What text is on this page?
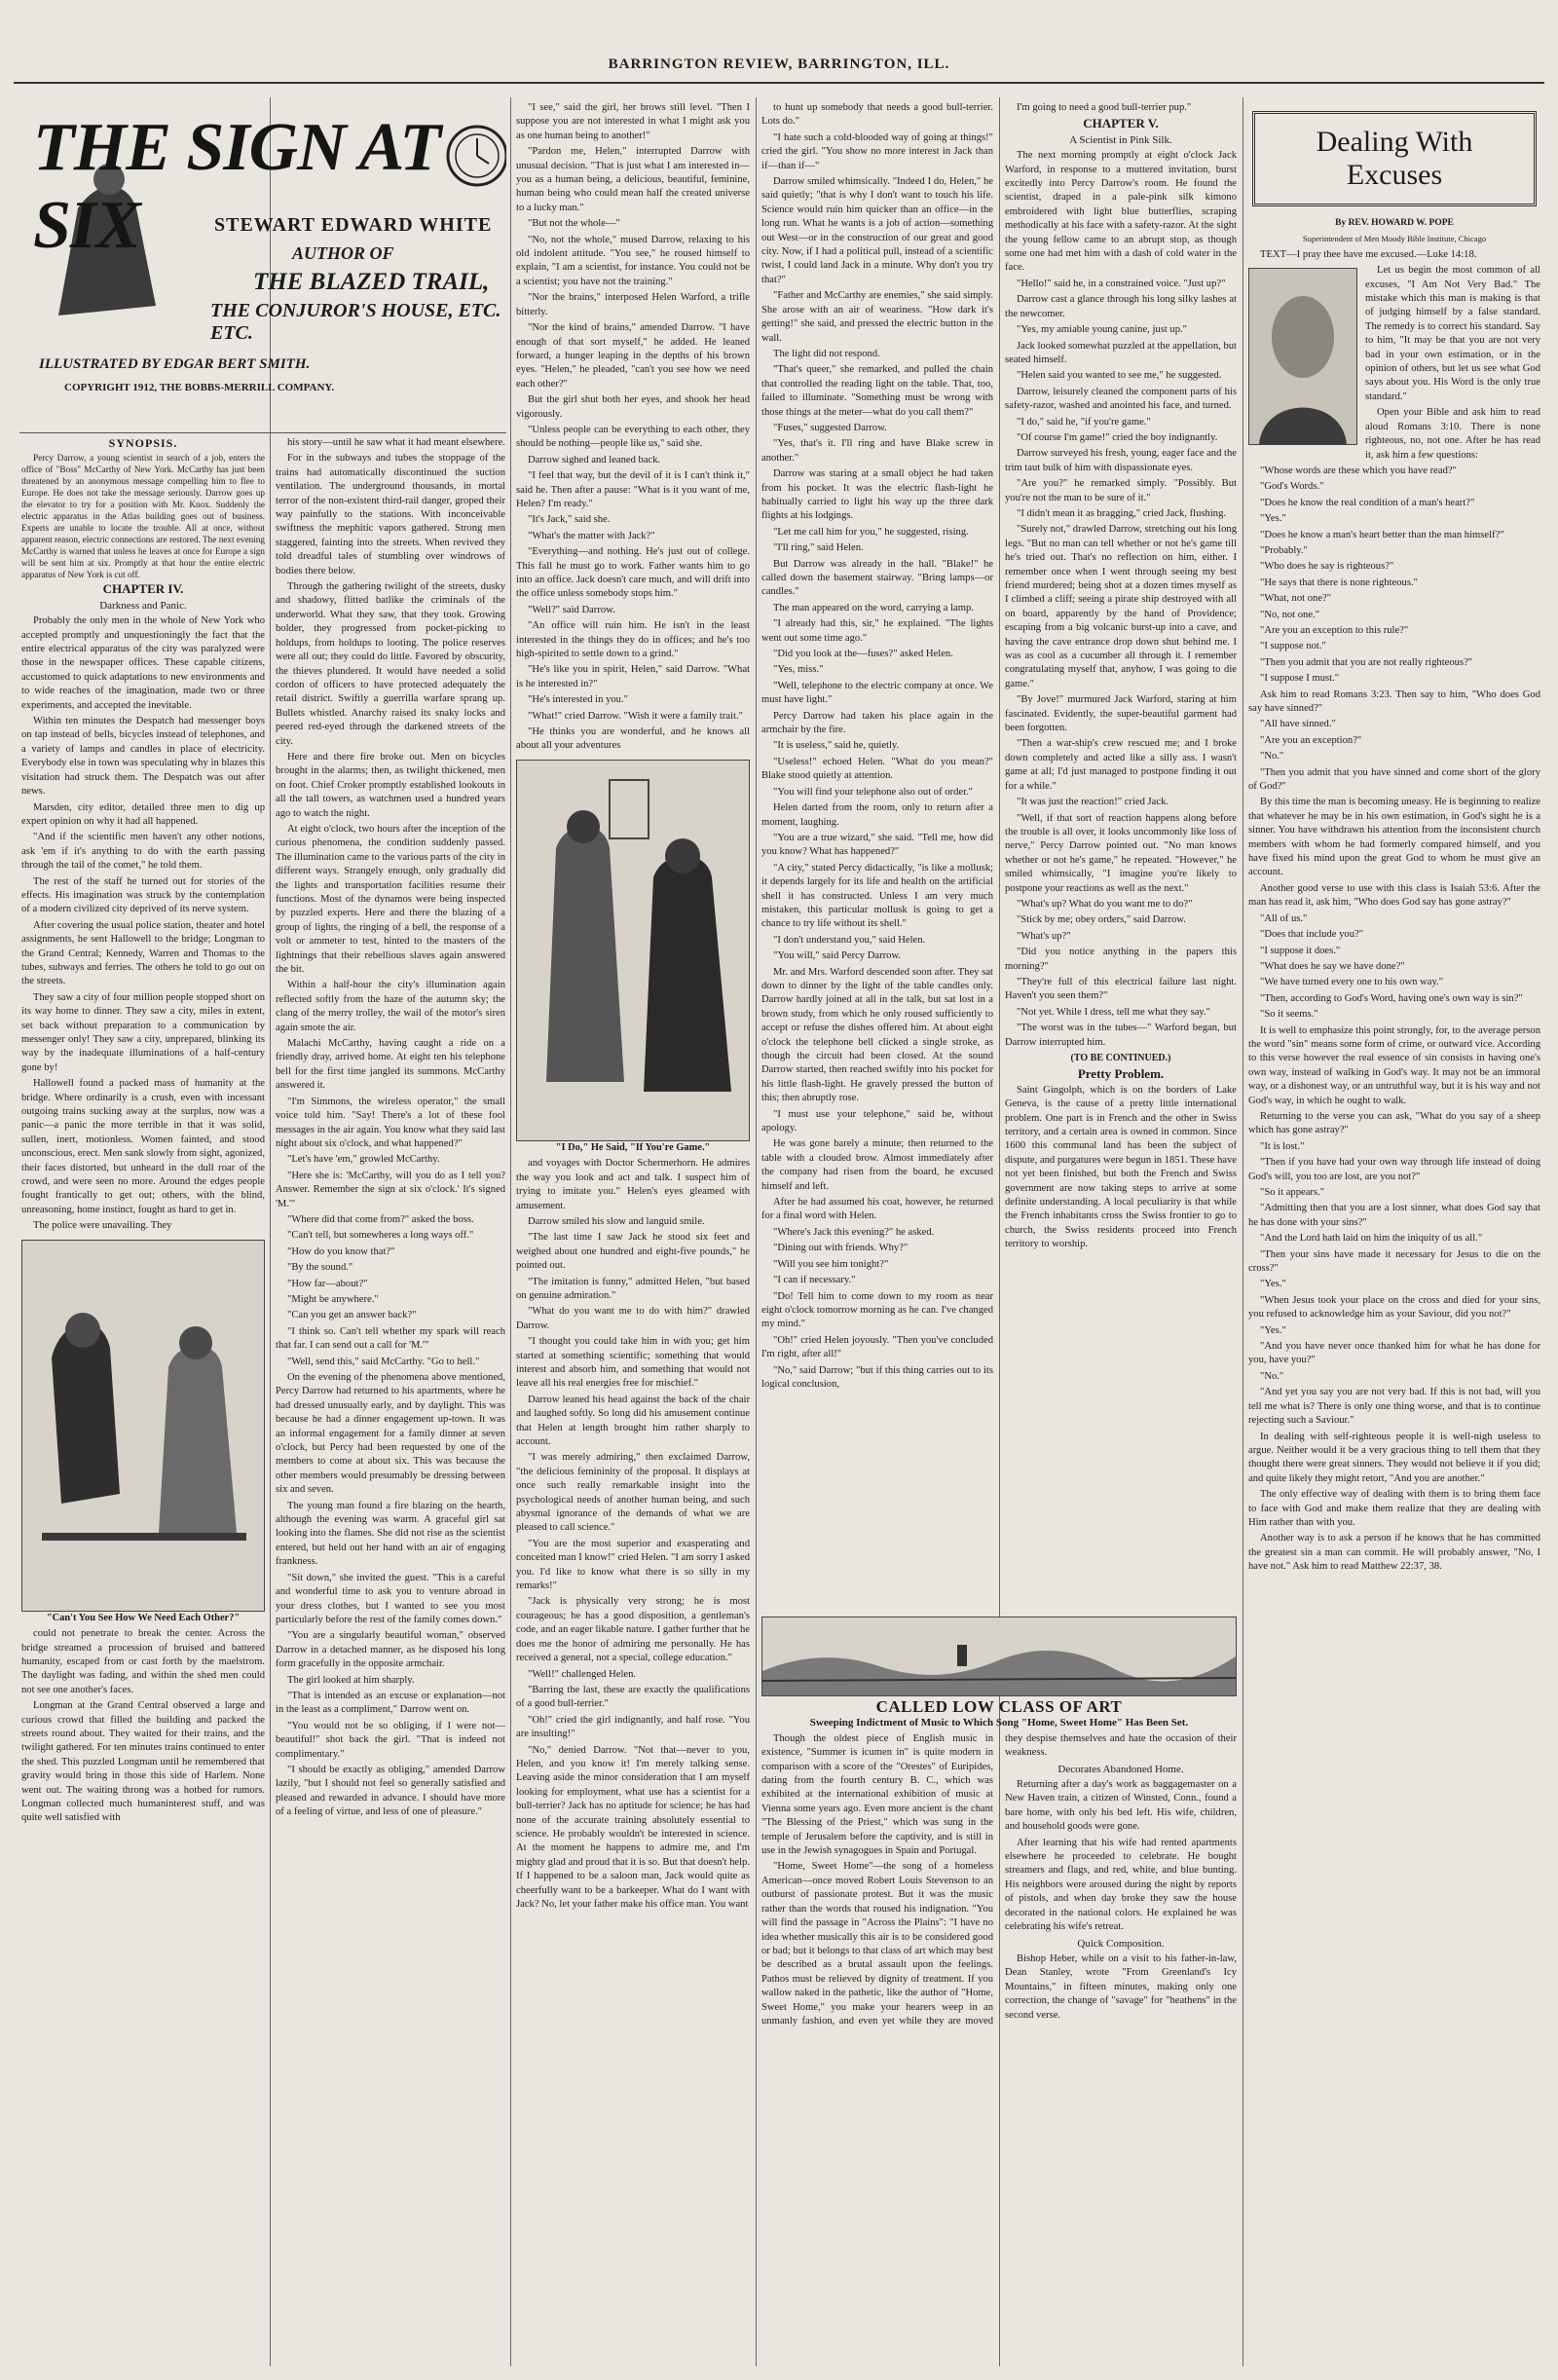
BARRINGTON REVIEW, BARRINGTON, ILL.
THE SIGN AT SIX	STEWART EDWARD WHITE
AUTHOR OF
THE BLAZED TRAIL,
THE CONJUROR'S HOUSE, ETC. ETC.
ILLUSTRATED BY EDGAR BERT SMITH.
COPYRIGHT 1912, THE BOBBS-MERRILL COMPANY.

SYNOPSIS.

Percy Darrow, a young scientist in search of a job, enters the office of "Boss" McCarthy of New York. McCarthy has just been threatened by an anonymous message compelling him to flee to Europe. He does not take the message seriously. Darrow goes up the elevator to try for a position with Mr. Knox. Suddenly the electric apparatus in the Atlas building goes out of business. Experts are unable to locate the trouble. All at once, without apparent reason, electric connections are restored. The next evening McCarthy is warned that unless he leaves at once for Europe a sign will be sent him at six. Promptly at that hour the entire electric apparatus of New York is cut off.

CHAPTER IV.

Darkness and Panic.

Probably the only men in the whole of New York who accepted promptly and unquestioningly the fact that the entire electrical apparatus of the city was paralyzed were those in the newspaper offices. These capable citizens, accustomed to quick adaptations to new environments and to wide reaches of the imagination, made two or three experiments, and accepted the inevitable.

Within ten minutes the Despatch had messenger boys on tap instead of bells, bicycles instead of telephones, and a variety of lamps and candles in place of electricity. Everybody else in town was speculating why in blazes this visitation had struck them. The Despatch was out after news.

Marsden, city editor, detailed three men to dig up expert opinion on why it had all happened.

"And if the scientific men haven't any other notions, ask 'em if it's anything to do with the earth passing through the tail of the comet," he told them.

The rest of the staff he turned out for stories of the effects. His imagination was struck by the contemplation of a modern civilized city deprived of its nerve system.

After covering the usual police station, theater and hotel assignments, he sent Hallowell to the bridge; Longman to the Grand Central; Kennedy, Warren and Thomas to the tubes, subways and ferries. The others he told to go out on the streets.

They saw a city of four million people stopped short on its way home to dinner. They saw a city, miles in extent, set back without preparation to a communication by messenger only! They saw a city, unprepared, blinking its way by the inadequate illuminations of a half-century gone by!

Hallowell found a packed mass of humanity at the bridge. Where ordinarily is a crush, even with incessant outgoing trains sucking away at the surplus, now was a panic—a panic the more terrible in that it was solid, sullen, inert, motionless. Women fainted, and stood unconscious, erect. Men sank slowly from sight, agonized, their faces distorted, but unheard in the dull roar of the crowd, and were seen no more. Around the edges people fought frantically to get out; others, with the blind, unreasoning, home instinct, fought as hard to get in.

The police were unavailing. They

"Can't You See How We Need Each Other?"

could not penetrate to break the center. Across the bridge streamed a procession of bruised and battered humanity, escaped from or cast forth by the maelstrom. The daylight was fading, and within the shed men could not see one another's faces.

Longman at the Grand Central observed a large and curious crowd that filled the building and packed the streets round about. They waited for their trains, and the twilight gathered. For ten minutes trains continued to enter the shed. This puzzled Longman until he remembered that gravity would bring in those this side of Harlem. None went out. The waiting throng was a hotbed for rumors. Longman collected much humaninterest stuff, and was quite well satisfied with

his story—until he saw what it had meant elsewhere.

For in the subways and tubes the stoppage of the trains had automatically discontinued the suction ventilation. The underground thousands, in mortal terror of the non-existent third-rail danger, groped their way painfully to the stations. With inconceivable swiftness the mephitic vapors gathered. Strong men staggered, fainting into the streets. When revived they told dreadful tales of stumbling over windrows of bodies there below.

Through the gathering twilight of the streets, dusky and shadowy, flitted batlike the criminals of the underworld. What they saw, that they took. Growing bolder, they progressed from pocket-picking to holdups, from holdups to looting. The police reserves were all out; they could do little. Favored by obscurity, the thieves plundered. It would have needed a solid cordon of officers to have protected adequately the retail district. Swiftly a guerrilla warfare sprang up. Bullets whistled. Anarchy raised its snaky locks and peered red-eyed through the darkened streets of the city.

Here and there fire broke out. Men on bicycles brought in the alarms; then, as twilight thickened, men on foot. Chief Croker promptly established lookouts in all the tall towers, as watchmen used a hundred years ago to watch the night.

At eight o'clock, two hours after the inception of the curious phenomena, the condition suddenly passed. The illumination came to the various parts of the city in different ways. Strangely enough, only gradually did the lights and transportation facilities resume their functions. Most of the dynamos were being inspected by puzzled experts. Here and there the blazing of a group of lights, the ringing of a bell, the response of a volt or ammeter to test, hinted to the masters of the lightnings that their rebellious slaves again answered the bit.

Within a half-hour the city's illumination again reflected softly from the haze of the autumn sky; the clang of the merry trolley, the wail of the motor's siren again smote the air.

Malachi McCarthy, having caught a ride on a friendly dray, arrived home. At eight ten his telephone bell for the first time jangled its summons. McCarthy answered it.

"I'm Simmons, the wireless operator," the small voice told him. "Say! There's a lot of these fool messages in the air again. You know what they said last night about six o'clock, and what happened?"

"Let's have 'em," growled McCarthy.

"Here she is: 'McCarthy, will you do as I tell you? Answer. Remember the sign at six o'clock.' It's signed 'M.'"

"Where did that come from?" asked the boss.

"Can't tell, but somewheres a long ways off."

"How do you know that?"

"By the sound."

"How far—about?"

"Might be anywhere."

"Can you get an answer back?"

"I think so. Can't tell whether my spark will reach that far. I can send out a call for 'M.'"

"Well, send this," said McCarthy. "Go to hell."

On the evening of the phenomena above mentioned, Percy Darrow had returned to his apartments, where he had dressed unusually early, and by daylight. This was because he had a dinner engagement up-town. It was an informal engagement for a family dinner at seven o'clock, but Percy had been requested by one of the members to come at about six. This was because the other members would presumably be dressing between six and seven.

The young man found a fire blazing on the hearth, although the evening was warm. A graceful girl sat looking into the flames. She did not rise as the scientist entered, but held out her hand with an air of engaging frankness.

"Sit down," she invited the guest. "This is a careful and wonderful time to ask you to venture abroad in your dress clothes, but I wanted to see you most particularly before the rest of the family comes down."

"You are a singularly beautiful woman," observed Darrow in a detached manner, as he disposed his long form gracefully in the opposite armchair.

The girl looked at him sharply.

"That is intended as an excuse or explanation—not in the least as a compliment," Darrow went on.

"You would not be so obliging, if I were not—beautiful!" shot back the girl. "That is indeed not complimentary."

"I should be exactly as obliging," amended Darrow lazily, "but I should not feel so generally satisfied and pleased and rewarded in advance. I should have more of a feeling of virtue, and less of one of pleasure."

"I see," said the girl, her brows still level. "Then I suppose you are not interested in what I might ask you as one human being to another!"

"Pardon me, Helen," interrupted Darrow with unusual decision. "That is just what I am interested in—you as a human being, a delicious, beautiful, feminine, human being who could mean half the created universe to a lucky man."

"But not the whole—"

"No, not the whole," mused Darrow, relaxing to his old indolent attitude. "You see," he roused himself to explain, "I am a scientist, for instance. You could not be a scientist; you have not the training."

"Nor the brains," interposed Helen Warford, a trifle bitterly.

"Nor the kind of brains," amended Darrow. "I have enough of that sort myself," he added. He leaned forward, a hunger leaping in the depths of his brown eyes. "Helen," he pleaded, "can't you see how we need each other?"

But the girl shut both her eyes, and shook her head vigorously.

"Unless people can be everything to each other, they should be nothing—people like us," said she.

Darrow sighed and leaned back.

"I feel that way, but the devil of it is I can't think it," said he. Then after a pause: "What is it you want of me, Helen? I'm ready."

"It's Jack," said she.

"What's the matter with Jack?"

"Everything—and nothing. He's just out of college. This fall he must go to work. Father wants him to go into an office. Jack doesn't care much, and will drift into the office unless somebody stops him."

"Well?" said Darrow.

"An office will ruin him. He isn't in the least interested in the things they do in offices; and he's too high-spirited to settle down to a grind."

"He's like you in spirit, Helen," said Darrow. "What is he interested in?"

"He's interested in you."

"What!" cried Darrow. "Wish it were a family trait."

"He thinks you are wonderful, and he knows all about all your adventures

"I Do," He Said, "If You're Game."

and voyages with Doctor Schermerhorn. He admires the way you look and act and talk. I suspect him of trying to imitate you." Helen's eyes gleamed with amusement.

Darrow smiled his slow and languid smile.

"The last time I saw Jack he stood six feet and weighed about one hundred and eight-five pounds," he pointed out.

"The imitation is funny," admitted Helen, "but based on genuine admiration."

"What do you want me to do with him?" drawled Darrow.

"I thought you could take him in with you; get him started at something scientific; something that would interest and absorb him, and something that would not leave all his real energies free for mischief."

Darrow leaned his head against the back of the chair and laughed softly. So long did his amusement continue that Helen at length brought him rather sharply to account.

"I was merely admiring," then exclaimed Darrow, "the delicious femininity of the proposal. It displays at once such really remarkable insight into the psychological needs of another human being, and such abysmal ignorance of the demands of what we are pleased to call science."

"You are the most superior and exasperating and conceited man I know!" cried Helen. "I am sorry I asked you. I'd like to know what there is so silly in my remarks!"

"Jack is physically very strong; he is most courageous; he has a good disposition, a gentleman's code, and an eager likable nature. I gather further that he does me the honor of admiring me personally. He has received a general, not a special, college education."

"Well!" challenged Helen.

"Barring the last, these are exactly the qualifications of a good bull-terrier."

"Oh!" cried the girl indignantly, and half rose. "You are insulting!"

"No," denied Darrow. "Not that—never to you, Helen, and you know it! I'm merely talking sense. Leaving aside the minor consideration that I am myself looking for employment, what use has a scientist for a bull-terrier? Jack has no aptitude for science; he has had none of the accurate training absolutely essential to science. He probably wouldn't be interested in science. At the moment he happens to admire me, and I'm mighty glad and proud that it is so. But that doesn't help. If I happened to be a saloon man, Jack would quite as cheerfully want to be a barkeeper. What do I want with Jack? No, let your father make his office man. You want

to hunt up somebody that needs a good bull-terrier. Lots do."

"I hate such a cold-blooded way of going at things!" cried the girl. "You show no more interest in Jack than if—than if—"

Darrow smiled whimsically. "Indeed I do, Helen," he said quietly; "that is why I don't want to touch his life. Science would ruin him quicker than an office—in the long run. What he wants is a job of action—something out West—or in the construction of our great and good city. Now, if I had a political pull, instead of a scientific twist, I could land Jack in a minute. Why don't you try that?"

"Father and McCarthy are enemies," she said simply. She arose with an air of weariness. "How dark it's getting!" she said, and pressed the electric button in the wall.

The light did not respond.

"That's queer," she remarked, and pulled the chain that controlled the reading light on the table. That, too, failed to illuminate. "Something must be wrong with those things at the meter—what do you call them?"

"Fuses," suggested Darrow.

"Yes, that's it. I'll ring and have Blake screw in another."

Darrow was staring at a small object he had taken from his pocket. It was the electric flash-light he habitually carried to light his way up the three dark flights at his lodgings.

"Let me call him for you," he suggested, rising.

"I'll ring," said Helen.

But Darrow was already in the hall. "Blake!" he called down the basement stairway. "Bring lamps—or candles."

The man appeared on the word, carrying a lamp.

"I already had this, sir," he explained. "The lights went out some time ago."

"Did you look at the—fuses?" asked Helen.

"Yes, miss."

"Well, telephone to the electric company at once. We must have light."

Percy Darrow had taken his place again in the armchair by the fire.

"It is useless," said he, quietly.

"Useless!" echoed Helen. "What do you mean?" Blake stood quietly at attention.

"You will find your telephone also out of order."

Helen darted from the room, only to return after a moment, laughing.

"You are a true wizard," she said. "Tell me, how did you know? What has happened?"

"A city," stated Percy didactically, "is like a mollusk; it depends largely for its life and health on the artificial shell it has constructed. Unless I am very much mistaken, this particular mollusk is going to get a chance to try life without its shell."

"I don't understand you," said Helen.

"You will," said Percy Darrow.

Mr. and Mrs. Warford descended soon after. They sat down to dinner by the light of the table candles only. Darrow hardly joined at all in the talk, but sat lost in a brown study, from which he only roused sufficiently to accept or refuse the dishes offered him. At about eight o'clock the telephone bell clicked a single stroke, as though the circuit had been closed. At the sound Darrow started, then reached swiftly into his pocket for his little flash-light. He gravely pressed the button of this; then abruptly rose.

"I must use your telephone," said he, without apology.

He was gone barely a minute; then returned to the table with a clouded brow. Almost immediately after the company had risen from the board, he excused himself and left.

After he had assumed his coat, however, he returned for a final word with Helen.

"Where's Jack this evening?" he asked.

"Dining out with friends. Why?"

"Will you see him tonight?"

"I can if necessary."

"Do! Tell him to come down to my room as near eight o'clock tomorrow morning as he can. I've changed my mind."

"Oh!" cried Helen joyously. "Then you've concluded I'm right, after all!"

"No," said Darrow; "but if this thing carries out to its logical conclusion,

I'm going to need a good bull-terrier pup."

CHAPTER V.

A Scientist in Pink Silk.

The next morning promptly at eight o'clock Jack Warford, in response to a muttered invitation, burst excitedly into Percy Darrow's room. He found the scientist, draped in a pale-pink silk kimono embroidered with light blue butterflies, scraping methodically at his face with a safety-razor. At the sight the young fellow came to an abrupt stop, as though some one had met him with a dash of cold water in the face.

"Hello!" said he, in a constrained voice. "Just up?"

Darrow cast a glance through his long silky lashes at the newcomer.

"Yes, my amiable young canine, just up."

Jack looked somewhat puzzled at the appellation, but seated himself.

"Helen said you wanted to see me," he suggested.

Darrow, leisurely cleaned the component parts of his safety-razor, washed and anointed his face, and turned.

"I do," said he, "if you're game."

"Of course I'm game!" cried the boy indignantly.

Darrow surveyed his fresh, young, eager face and the trim taut bulk of him with dispassionate eyes.

"Are you?" he remarked simply. "Possibly. But you're not the man to be sure of it."

"I didn't mean it as bragging," cried Jack, flushing.

"Surely not," drawled Darrow, stretching out his long legs. "But no man can tell whether or not he's game till he's tried out. That's no reflection on him, either. I remember once when I went through seeing my best friend murdered; being shot at a dozen times myself as I climbed a cliff; seeing a pirate ship destroyed with all on board, apparently by the hand of Providence; escaping from a big volcanic burst-up into a cave, and having the cave entrance drop down shut behind me. I was as cool as a cucumber all through it. I remember congratulating myself that, anyhow, I was going to die game."

"By Jove!" murmured Jack Warford, staring at him fascinated. Evidently, the super-beautiful garment had been forgotten.

"Then a war-ship's crew rescued me; and I broke down completely and acted like a silly ass. I wasn't game at all; I'd just managed to postpone finding it out for a while."

"It was just the reaction!" cried Jack.

"Well, if that sort of reaction happens along before the trouble is all over, it looks uncommonly like loss of nerve," Percy Darrow pointed out. "No man knows whether or not he's game," he repeated. "However," he smiled whimsically, "I imagine you're likely to postpone your reactions as well as the next."

"What's up? What do you want me to do?"

"Stick by me; obey orders," said Darrow.

"What's up?"

"Did you notice anything in the papers this morning?"

"They're full of this electrical failure last night. Haven't you seen them?"

"Not yet. While I dress, tell me what they say."

"The worst was in the tubes—" Warford began, but Darrow interrupted him.

(TO BE CONTINUED.)

Pretty Problem.

Saint Gingolph, which is on the borders of Lake Geneva, is the cause of a pretty little international problem. One part is in French and the other in Swiss territory, and a certain area is owned in common. Since 1600 this communal land has been the subject of dispute, and purgatures were begun in 1851. These have not yet been finished, but both the French and Swiss government are now taking steps to arrive at some definite understanding. A local peculiarity is that while the French inhabitants cross the Swiss frontier to go to church, the Swiss residents proceed into French territory to worship.

CALLED LOW CLASS OF ART

Sweeping Indictment of Music to Which Song "Home, Sweet Home" Has Been Set.

Though the oldest piece of English music in existence, "Summer is icumen in" is quite modern in comparison with a score of the "Orestes" of Euripides, dating from the fourth century B. C., which was exhibited at the international exhibition of music at Vienna some years ago. Even more ancient is the chant "The Blessing of the Priest," which was sung in the temple of Jerusalem before the captivity, and is still in use in the Jewish synagogues in Spain and Portugal.

"Home, Sweet Home"—the song of a homeless American—once moved Robert Louis Stevenson to an outburst of passionate protest. But it was the music rather than the words that roused his indignation. "You will find the passage in "Across the Plains": "I have no idea whether musically this air is to be considered good or bad; but it belongs to that class of art which may best be described as a brutal assault upon the feelings. Pathos must be relieved by dignity of treatment. If you wallow naked in the pathetic, like the author of "Home, Sweet Home," you make your hearers weep in an unmanly fashion, and even yet while they are moved they despise themselves and hate the occasion of their weakness.

Decorates Abandoned Home.

Returning after a day's work as baggagemaster on a New Haven train, a citizen of Winsted, Conn., found a bare home, with only his bed left. His wife, children, and household goods were gone.

After learning that his wife had rented apartments elsewhere he proceeded to celebrate. He bought streamers and flags, and red, white, and blue bunting. His neighbors were aroused during the night by reports of pistols, and when day broke they saw the house decorated in the national colors. He explained he was celebrating his wife's retreat.

Quick Composition.

Bishop Heber, while on a visit to his father-in-law, Dean Stanley, wrote "From Greenland's Icy Mountains," in fifteen minutes, making only one correction, the change of "savage" for "heathens" in the second verse.

Dealing With
Excuses

By REV. HOWARD W. POPE

Superintendent of Men Moody Bible Institute, Chicago

TEXT—I pray thee have me excused.—Luke 14:18.

Let us begin the most common of all excuses, "I Am Not Very Bad." The mistake which this man is making is that of judging himself by a false standard. The remedy is to correct his standard. Say to him, "It may be that you are not very bad in your own estimation, or in the opinion of others, but let us see what God says about you. His Word is the only true standard."

Open your Bible and ask him to read aloud Romans 3:10. There is none righteous, no, not one. After he has read it, ask him a few questions:

"Whose words are these which you have read?"

"God's Words."

"Does he know the real condition of a man's heart?"

"Yes."

"Does he know a man's heart better than the man himself?"

"Probably."

"Who does he say is righteous?"

"He says that there is none righteous."

"What, not one?"

"No, not one."

"Are you an exception to this rule?"

"I suppose not."

"Then you admit that you are not really righteous?"

"I suppose I must."

Ask him to read Romans 3:23. Then say to him, "Who does God say have sinned?"

"All have sinned."

"Are you an exception?"

"No."

"Then you admit that you have sinned and come short of the glory of God?"

By this time the man is becoming uneasy. He is beginning to realize that whatever he may be in his own estimation, in God's sight he is a sinner. You have withdrawn his attention from the inconsistent church members with whom he had formerly compared himself, and you have fixed his mind upon the great God to whom he must give an account.

Another good verse to use with this class is Isaiah 53:6. After the man has read it, ask him, "Who does God say has gone astray?"

"All of us."

"Does that include you?"

"I suppose it does."

"What does he say we have done?"

"We have turned every one to his own way."

"Then, according to God's Word, having one's own way is sin?"

"So it seems."

It is well to emphasize this point strongly, for, to the average person the word "sin" means some form of crime, or outward vice. According to this verse however the real essence of sin consists in having one's own way, instead of walking in God's way. It may not be an immoral way, or a dishonest way, or an untruthful way, but it is his way and not God's way, in which he ought to walk.

Returning to the verse you can ask, "What do you say of a sheep which has gone astray?"

"It is lost."

"Then if you have had your own way through life instead of doing God's will, you too are lost, are you not?"

"So it appears."

"Admitting then that you are a lost sinner, what does God say that he has done with your sins?"

"And the Lord hath laid on him the iniquity of us all."

"Then your sins have made it necessary for Jesus to die on the cross?"

"Yes."

"When Jesus took your place on the cross and died for your sins, you refused to acknowledge him as your Saviour, did you not?"

"Yes."

"And you have never once thanked him for what he has done for you, have you?"

"No."

"And yet you say you are not very bad. If this is not bad, will you tell me what is? There is only one thing worse, and that is to continue rejecting such a Saviour."

In dealing with self-righteous people it is well-nigh useless to argue. Neither would it be a very gracious thing to tell them that they thought there were great sinners. They would not believe it if you did; and quite likely they might retort, "And you are another."

The only effective way of dealing with them is to bring them face to face with God and make them realize that they are dealing with Him rather than with you.

Another way is to ask a person if he knows that he has committed the greatest sin a man can commit. He will probably answer, "No, I have not." Ask him to read Matthew 22:37, 38.
